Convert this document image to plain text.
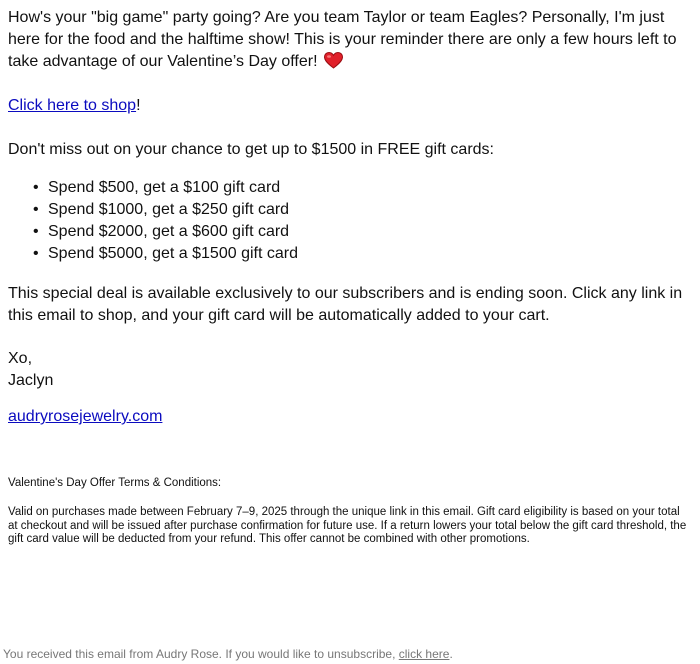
How's your "big game" party going? Are you team Taylor or team Eagles? Personally, I'm just here for the food and the halftime show! This is your reminder there are only a few hours left to take advantage of our Valentine’s Day offer!

Click here to shop!

Don't miss out on your chance to get up to $1500 in FREE gift cards:

• Spend $500, get a $100 gift card
• Spend $1000, get a $250 gift card
• Spend $2000, get a $600 gift card
• Spend $5000, get a $1500 gift card

This special deal is available exclusively to our subscribers and is ending soon. Click any link in this email to shop, and your gift card will be automatically added to your cart.

Xo,

Jaclyn

audryrosejewelry.com

Valentine's Day Offer Terms & Conditions:

Valid on purchases made between February 7–9, 2025 through the unique link in this email. Gift card eligibility is based on your total at checkout and will be issued after purchase confirmation for future use. If a return lowers your total below the gift card threshold, the gift card value will be deducted from your refund. This offer cannot be combined with other promotions.

You received this email from Audry Rose. If you would like to unsubscribe, click here.
